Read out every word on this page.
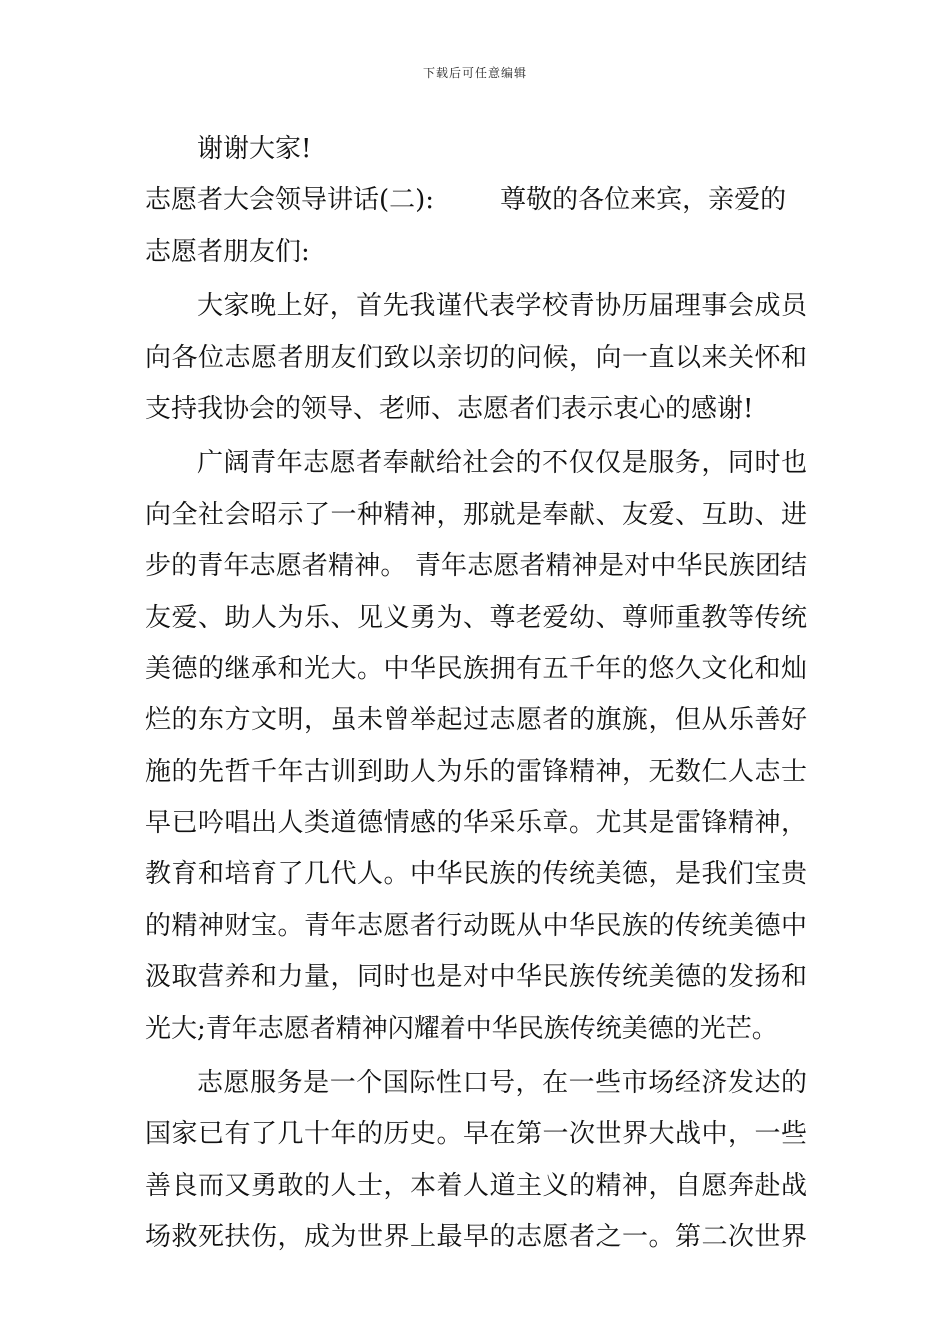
下载后可任意编辑
谢谢大家!
志愿者大会领导讲话(二):	尊敬的各位来宾，亲爱的
志愿者朋友们:
大家晚上好，首先我谨代表学校青协历届理事会成员
向各位志愿者朋友们致以亲切的问候，向一直以来关怀和
支持我协会的领导、老师、志愿者们表示衷心的感谢!
广阔青年志愿者奉献给社会的不仅仅是服务，同时也
向全社会昭示了一种精神，那就是奉献、友爱、互助、进
步的青年志愿者精神。 青年志愿者精神是对中华民族团结
友爱、助人为乐、见义勇为、尊老爱幼、尊师重教等传统
美德的继承和光大。中华民族拥有五千年的悠久文化和灿
烂的东方文明，虽未曾举起过志愿者的旗旐，但从乐善好
施的先哲千年古训到助人为乐的雷锋精神，无数仁人志士
早已吟唱出人类道德情感的华采乐章。尤其是雷锋精神，
教育和培育了几代人。中华民族的传统美德，是我们宝贵
的精神财宝。青年志愿者行动既从中华民族的传统美德中
汲取营养和力量，同时也是对中华民族传统美德的发扬和
光大;青年志愿者精神闪耀着中华民族传统美德的光芒。
志愿服务是一个国际性口号，在一些市场经济发达的
国家已有了几十年的历史。早在第一次世界大战中，一些
善良而又勇敢的人士，本着人道主义的精神，自愿奔赴战
场救死扶伤，成为世界上最早的志愿者之一。第二次世界
